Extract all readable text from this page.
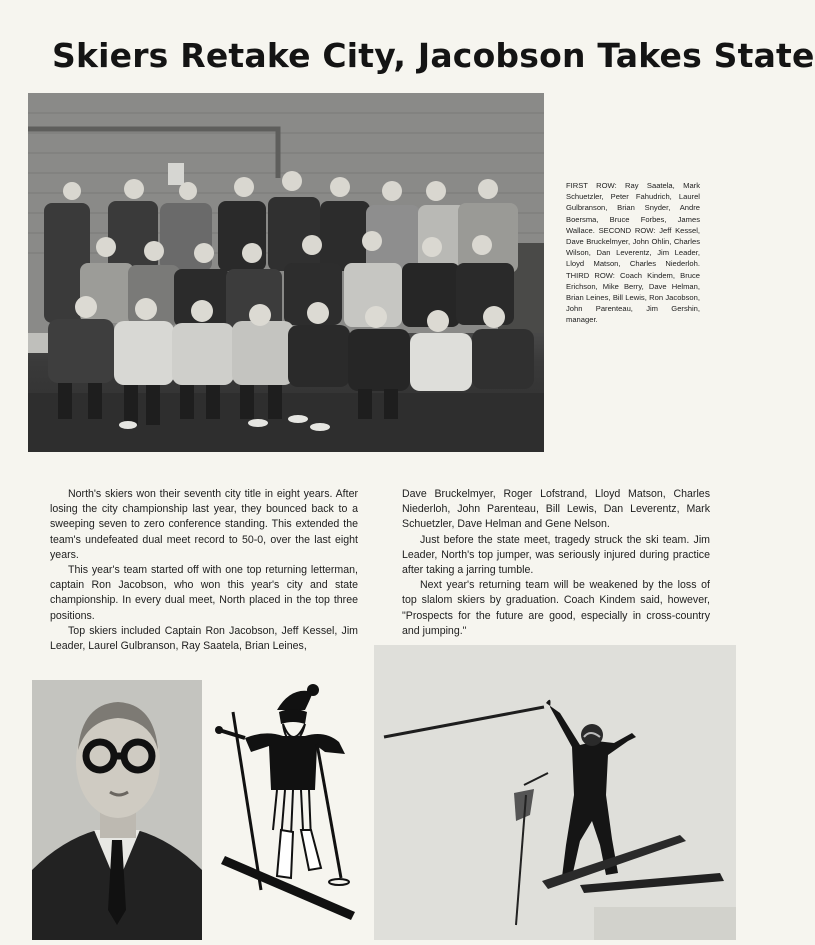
Skiers Retake City, Jacobson Takes State
FIRST ROW: Ray Saatela, Mark Schuetzler, Peter Fahudrich, Laurel Gulbranson, Brian Snyder, Andre Boersma, Bruce Forbes, James Wallace. SECOND ROW: Jeff Kessel, Dave Bruckelmyer, John Ohlin, Charles Wilson, Dan Leverentz, Jim Leader, Lloyd Matson, Charles Niederloh. THIRD ROW: Coach Kindem, Bruce Erichson, Mike Berry, Dave Helman, Brian Leines, Bill Lewis, Ron Jacobson, John Parenteau, Jim Gershin, manager.

North's skiers won their seventh city title in eight years. After losing the city championship last year, they bounced back to a sweeping seven to zero conference standing. This extended the team's undefeated dual meet record to 50-0, over the last eight years.

This year's team started off with one top returning letterman, captain Ron Jacobson, who won this year's city and state championship. In every dual meet, North placed in the top three positions.

Top skiers included Captain Ron Jacobson, Jeff Kessel, Jim Leader, Laurel Gulbranson, Ray Saatela, Brian Leines,

Dave Bruckelmyer, Roger Lofstrand, Lloyd Matson, Charles Niederloh, John Parenteau, Bill Lewis, Dan Leverentz, Mark Schuetzler, Dave Helman and Gene Nelson.

Just before the state meet, tragedy struck the ski team. Jim Leader, North's top jumper, was seriously injured during practice after taking a jarring tumble.

Next year's returning team will be weakened by the loss of top slalom skiers by graduation. Coach Kindem said, however, "Prospects for the future are good, especially in cross-country and jumping."
